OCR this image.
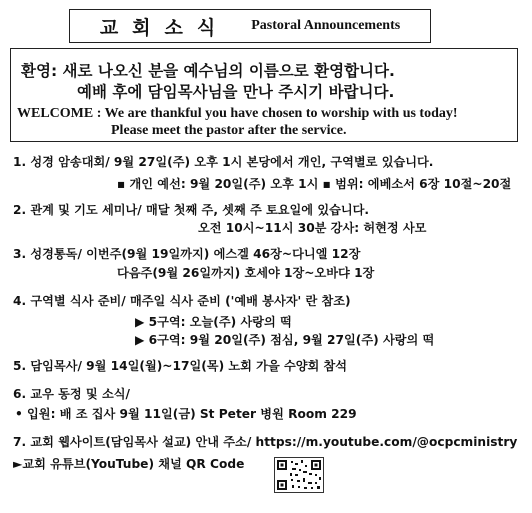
교회소식 Pastoral Announcements
환영: 새로 나오신 분을 예수님의 이름으로 환영합니다.
예배 후에 담임목사님을 만나 주시기 바랍니다.
WELCOME : We are thankful you have chosen to worship with us today!
Please meet the pastor after the service.
1. 성경 암송대회/ 9월 27일(주) 오후 1시 본당에서 개인, 구역별로 있습니다.
▪ 개인 예선: 9월 20일(주) 오후 1시 ▪ 범위: 에베소서 6장 10절~20절
2. 관계 및 기도 세미나/ 매달 첫째 주, 셋째 주 토요일에 있습니다.
오전 10시~11시 30분 강사: 허현정 사모
3. 성경통독/ 이번주(9월 19일까지) 에스겔 46장~다니엘 12장
다음주(9월 26일까지) 호세야 1장~오바댜 1장
4. 구역별 식사 준비/ 매주일 식사 준비 ('예배 봉사자' 란 참조)
▶ 5구역: 오늘(주) 사랑의 떡
▶ 6구역: 9월 20일(주) 점심, 9월 27일(주) 사랑의 떡
5. 담임목사/ 9월 14일(월)~17일(목) 노회 가을 수양회 참석
6. 교우 동정 및 소식/
• 입원: 배 조 집사 9월 11일(금) St Peter 병원 Room 229
7. 교회 웹사이트(담임목사 설교) 안내 주소/ https://m.youtube.com/@ocpcministry
►교회 유튜브(YouTube) 채널 QR Code
